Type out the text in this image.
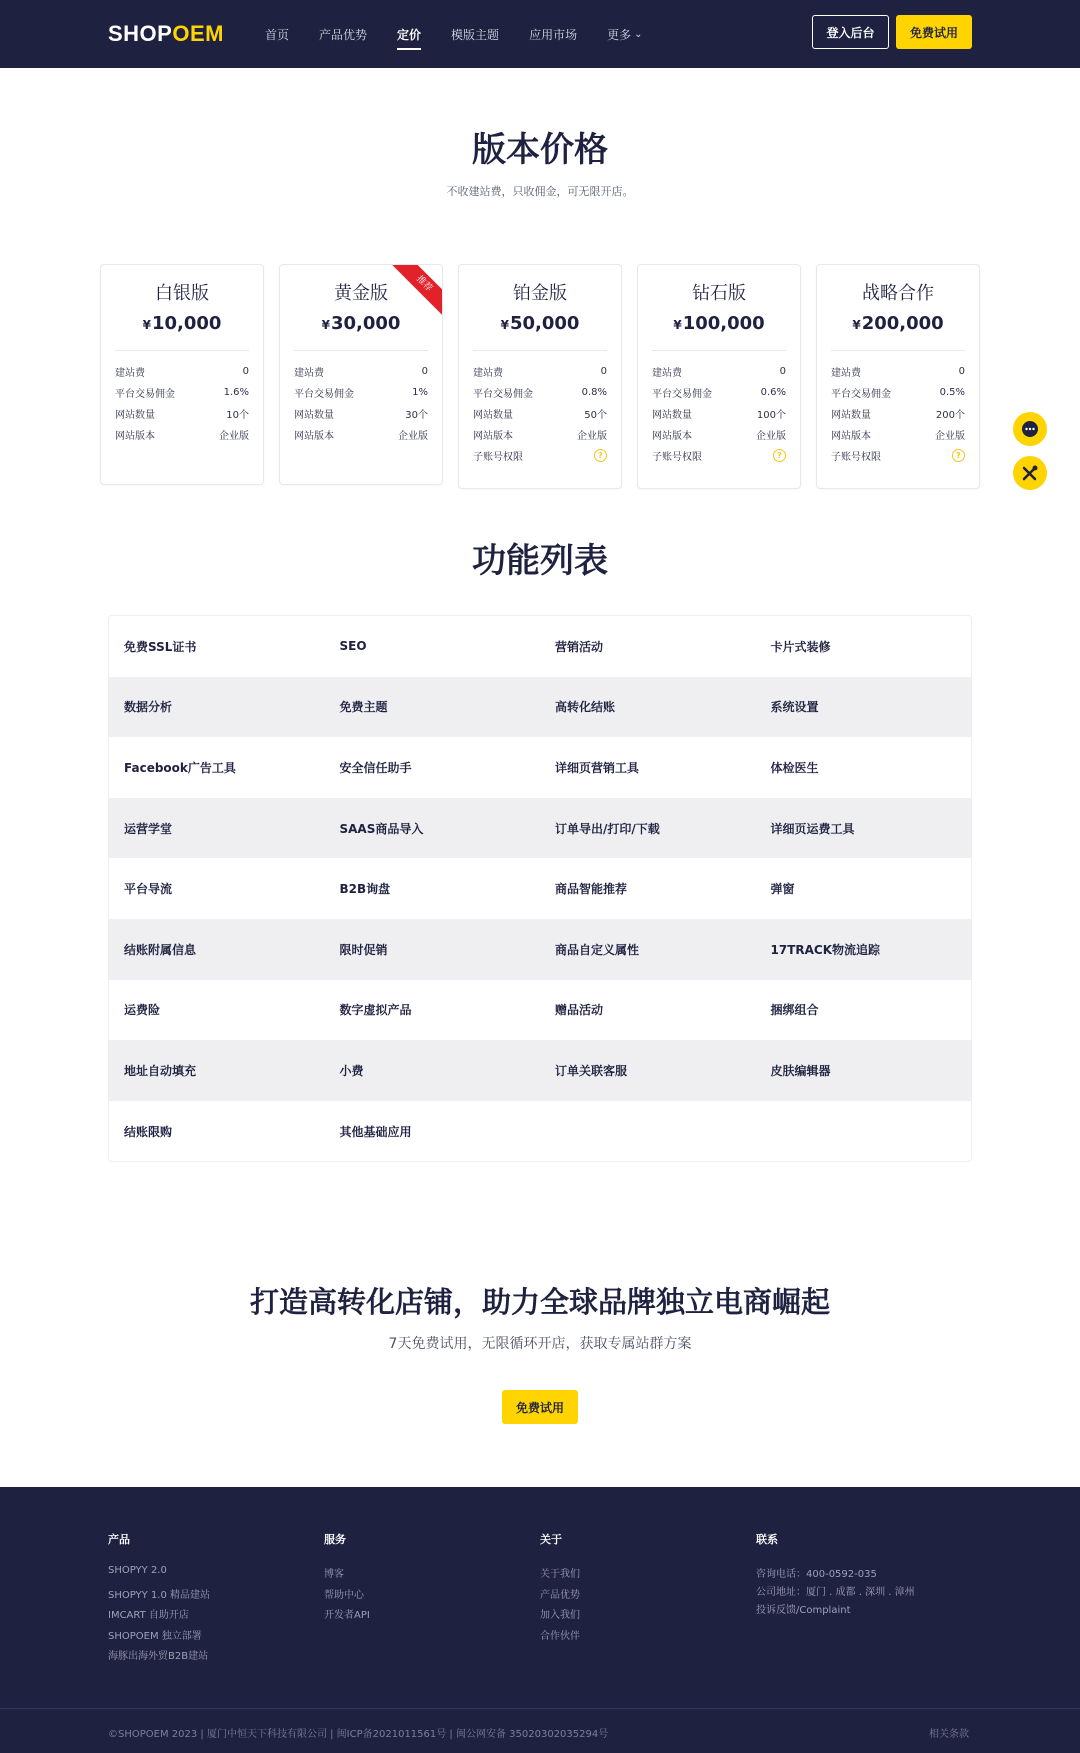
SHOP OEM	首页	产品优势	定价	模版主题	应用市场	更多 ⌄	登入后台	免费试用
版本价格
不收建站费，只收佣金，可无限开店。
白银版
¥10,000
建站费	0
平台交易佣金	1.6%
网站数量	10个
网站版本	企业版
黄金版
¥30,000
建站费	0
平台交易佣金	1%
网站数量	30个
网站版本	企业版
推荐	铂金版
¥50,000
建站费	0
平台交易佣金	0.8%
网站数量	50个
网站版本	企业版
子账号权限	?
钻石版
¥100,000
建站费	0
平台交易佣金	0.6%
网站数量	100个
网站版本	企业版
子账号权限	?
战略合作
¥200,000
建站费	0
平台交易佣金	0.5%
网站数量	200个
网站版本	企业版
子账号权限	?
功能列表
免费SSL证书	SEO	营销活动	卡片式装修
数据分析	免费主题	高转化结账	系统设置
Facebook广告工具	安全信任助手	详细页营销工具	体检医生
运营学堂	SAAS商品导入	订单导出/打印/下载	详细页运费工具
平台导流	B2B询盘	商品智能推荐	弹窗
结账附属信息	限时促销	商品自定义属性	17TRACK物流追踪
运费险	数字虚拟产品	赠品活动	捆绑组合
地址自动填充	小费	订单关联客服	皮肤编辑器
结账限购	其他基础应用
打造高转化店铺，助力全球品牌独立电商崛起
7天免费试用，无限循环开店，获取专属站群方案
免费试用
产品
SHOPYY 2.0
SHOPYY 1.0 精品建站
IMCART 自助开店
SHOPOEM 独立部署
海豚出海外贸B2B建站
服务
博客
帮助中心
开发者API
关于
关于我们
产品优势
加入我们
合作伙伴
联系
咨询电话：400-0592-035
公司地址：厦门 . 成都 . 深圳 . 漳州
投诉反馈/Complaint
©SHOPOEM 2023 | 厦门中恒天下科技有限公司 | 闽ICP备2021011561号 | 闽公网安备 35020302035294号	相关条款
